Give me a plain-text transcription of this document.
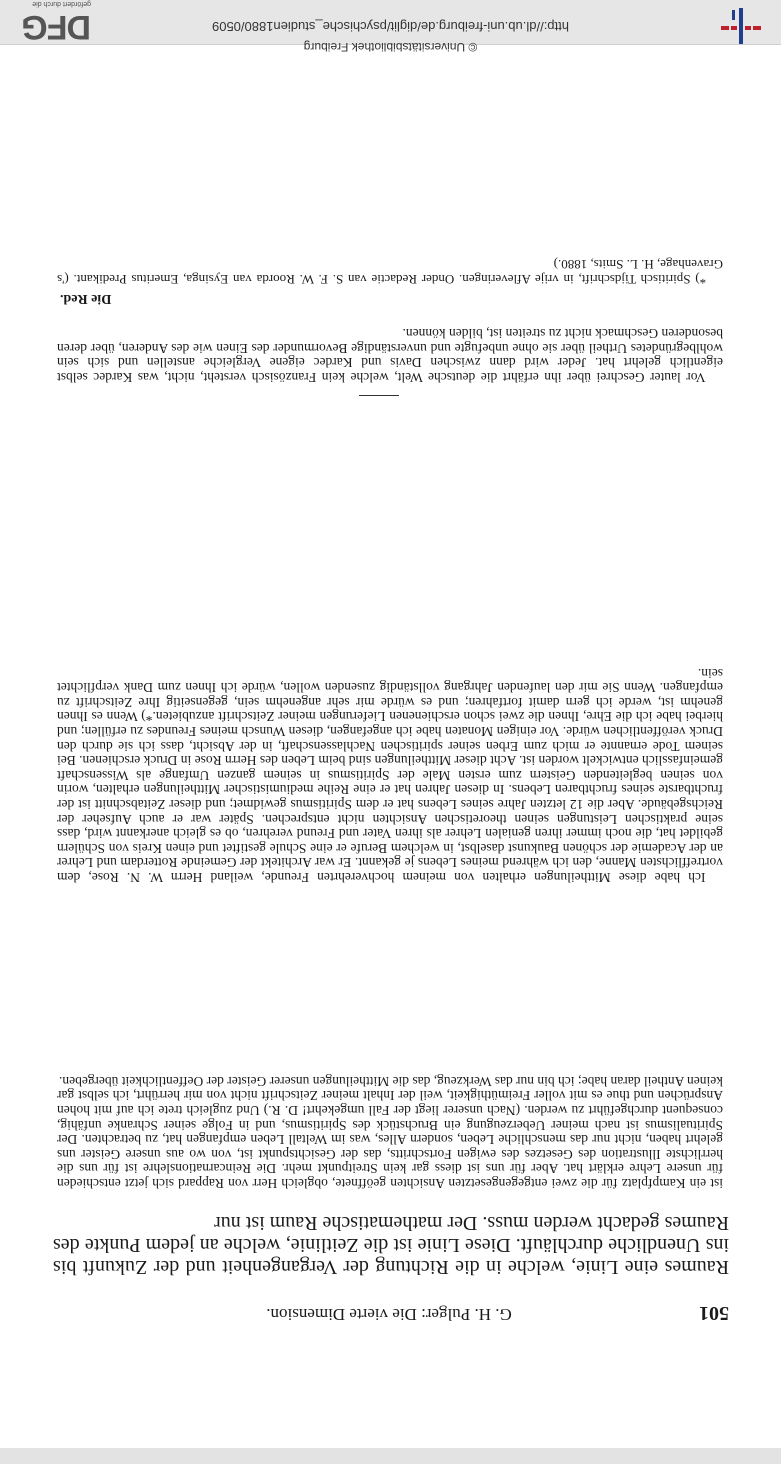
501
G. H. Pulger: Die vierte Dimension.
Raumes eine Linie, welche in die Richtung der Vergangenheit und der Zukunft bis ins Unendliche durchläuft. Diese Linie ist die Zeitlinie, welche an jedem Punkte des Raumes gedacht werden muss. Der mathematische Raum ist nur

ist ein Kampfplatz für die zwei entgegengesetzten Ansichten geöffnete, obgleich Herr von Rappard sich jetzt entschieden für unsere Lehre erklärt hat. Aber für uns ist diess gar kein Streitpunkt mehr. Die Reincarnationslehre ist für uns die herrlichste Illustration des Gesetzes des ewigen Fortschritts, das der Gesichtspunkt ist, von wo aus unsere Geister uns gelehrt haben, nicht nur das menschliche Leben, sondern Alles, was im Weltall Leben empfangen hat, zu betrachten. Der Spiritualismus ist nach meiner Ueberzeugung ein Bruchstück des Spiritismus, und in Folge seiner Schranke unfähig, consequent durchgeführt zu werden. (Nach unserer liegt der Fall umgekehrt! D. R.) Und zugleich trete ich auf mit hohen Ansprüchen und thue es mit voller Freimüthigkeit, weil der Inhalt meiner Zeitschrift nicht von mir herrührt, ich selbst gar keinen Antheil daran habe; ich bin nur das Werkzeug, das die Mittheilungen unserer Geister der Oeffentlichkeit übergeben.

Ich habe diese Mittheilungen erhalten von meinem hochverehrten Freunde, weiland Herrn W. N. Rose, dem vortrefflichsten Manne, den ich während meines Lebens je gekannt. Er war Architekt der Gemeinde Rotterdam und Lehrer an der Academie der schönen Baukunst daselbst, in welchem Berufe er eine Schule gestiftet und einen Kreis von Schülern gebildet hat, die noch immer ihren genialen Lehrer als ihren Vater und Freund verehren, ob es gleich anerkannt wird, dass seine praktischen Leistungen seinen theoretischen Ansichten nicht entsprechen. Später war er auch Aufseher der Reichsgebäude. Aber die 12 letzten Jahre seines Lebens hat er dem Spiritismus gewidmet; und dieser Zeitabschnitt ist der fruchtbarste seines fruchtbaren Lebens. In diesen Jahren hat er eine Reihe mediumistischer Mittheilungen erhalten, worin von seinen begleitenden Geistern zum ersten Male der Spiritismus in seinem ganzen Umfange als Wissenschaft gemeinfasslich entwickelt worden ist. Acht dieser Mittheilungen sind beim Leben des Herrn Rose in Druck erschienen. Bei seinem Tode ernannte er mich zum Erben seiner spiritischen Nachlassenschaft, in der Absicht, dass ich sie durch den Druck veröffentlichen würde. Vor einigen Monaten habe ich angefangen, diesen Wunsch meines Freundes zu erfüllen; und hierbei habe ich die Ehre, Ihnen die zwei schon erschienenen Lieferungen meiner Zeitschrift anzubieten.*) Wenn es Ihnen genehm ist, werde ich gern damit fortfahren; und es würde mir sehr angenehm sein, gegenseitig Ihre Zeitschrift zu empfangen. Wenn Sie mir den laufenden Jahrgang vollständig zusenden wollen, würde ich Ihnen zum Dank verpflichtet sein.

Vor lauter Geschrei über ihn erfährt die deutsche Welt, welche kein Französisch versteht, nicht, was Kardec selbst eigentlich gelehrt hat. Jeder wird dann zwischen Davis und Kardec eigene Vergleiche anstellen und sich sein wohlbegründetes Urtheil über sie ohne unbefugte und unverständige Bevormunder des Einen wie des Anderen, über deren besonderen Geschmack nicht zu streiten ist, bilden können.

Die Red.
*) Spiritisch Tijdschrift, in vrije Afleveringen. Onder Redactie van S. F. W. Roorda van Eysinga, Emeritus Predikant. ('s Gravenhage, H. L. Smits, 1880.)
© Universitätsbibliothek Freiburg
http://dl.ub.uni-freiburg.de/diglit/psychische_studien1880/0509
DFG
gefördert durch die
